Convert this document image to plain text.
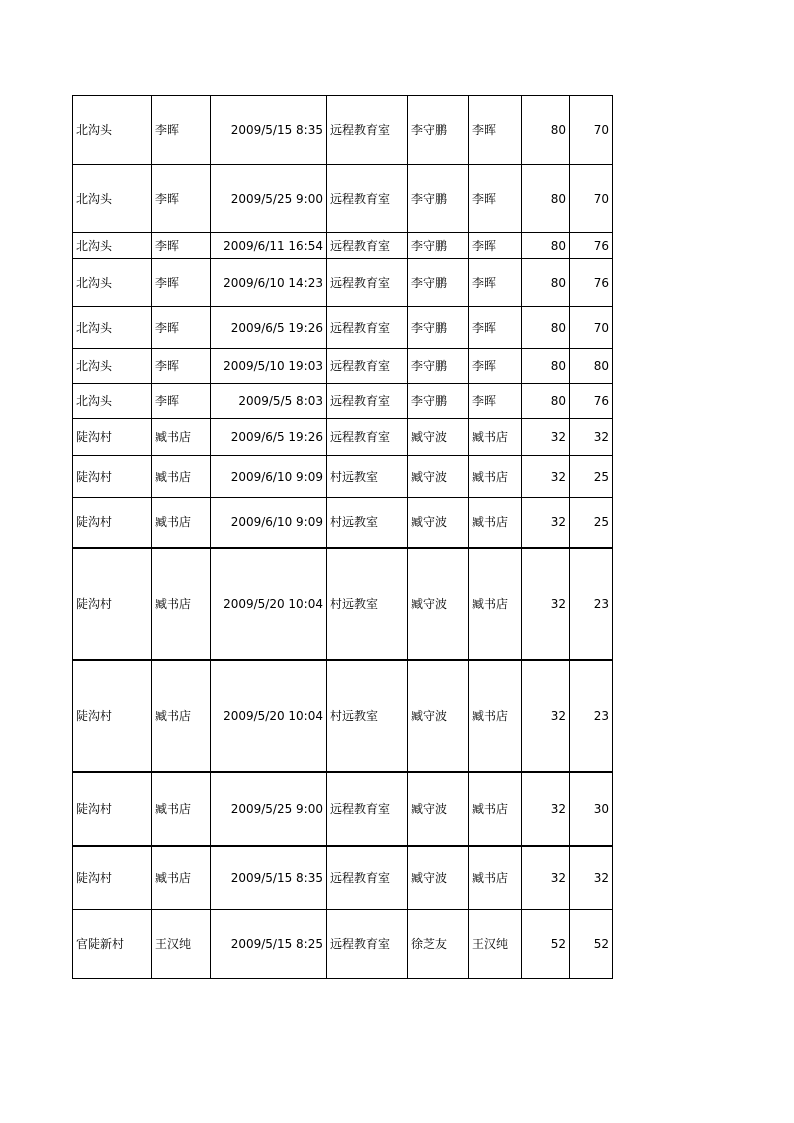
北沟头	李晖	2009/5/15 8:35	远程教育室	李守鹏	李晖	80	70
北沟头	李晖	2009/5/25 9:00	远程教育室	李守鹏	李晖	80	70
北沟头	李晖	2009/6/11 16:54	远程教育室	李守鹏	李晖	80	76
北沟头	李晖	2009/6/10 14:23	远程教育室	李守鹏	李晖	80	76
北沟头	李晖	2009/6/5 19:26	远程教育室	李守鹏	李晖	80	70
北沟头	李晖	2009/5/10 19:03	远程教育室	李守鹏	李晖	80	80
北沟头	李晖	2009/5/5 8:03	远程教育室	李守鹏	李晖	80	76
陡沟村	臧书店	2009/6/5 19:26	远程教育室	臧守波	臧书店	32	32
陡沟村	臧书店	2009/6/10 9:09	村远教室	臧守波	臧书店	32	25
陡沟村	臧书店	2009/6/10 9:09	村远教室	臧守波	臧书店	32	25
陡沟村	臧书店	2009/5/20 10:04	村远教室	臧守波	臧书店	32	23
陡沟村	臧书店	2009/5/20 10:04	村远教室	臧守波	臧书店	32	23
陡沟村	臧书店	2009/5/25 9:00	远程教育室	臧守波	臧书店	32	30
陡沟村	臧书店	2009/5/15 8:35	远程教育室	臧守波	臧书店	32	32
官陡新村	王汉纯	2009/5/15 8:25	远程教育室	徐芝友	王汉纯	52	52
